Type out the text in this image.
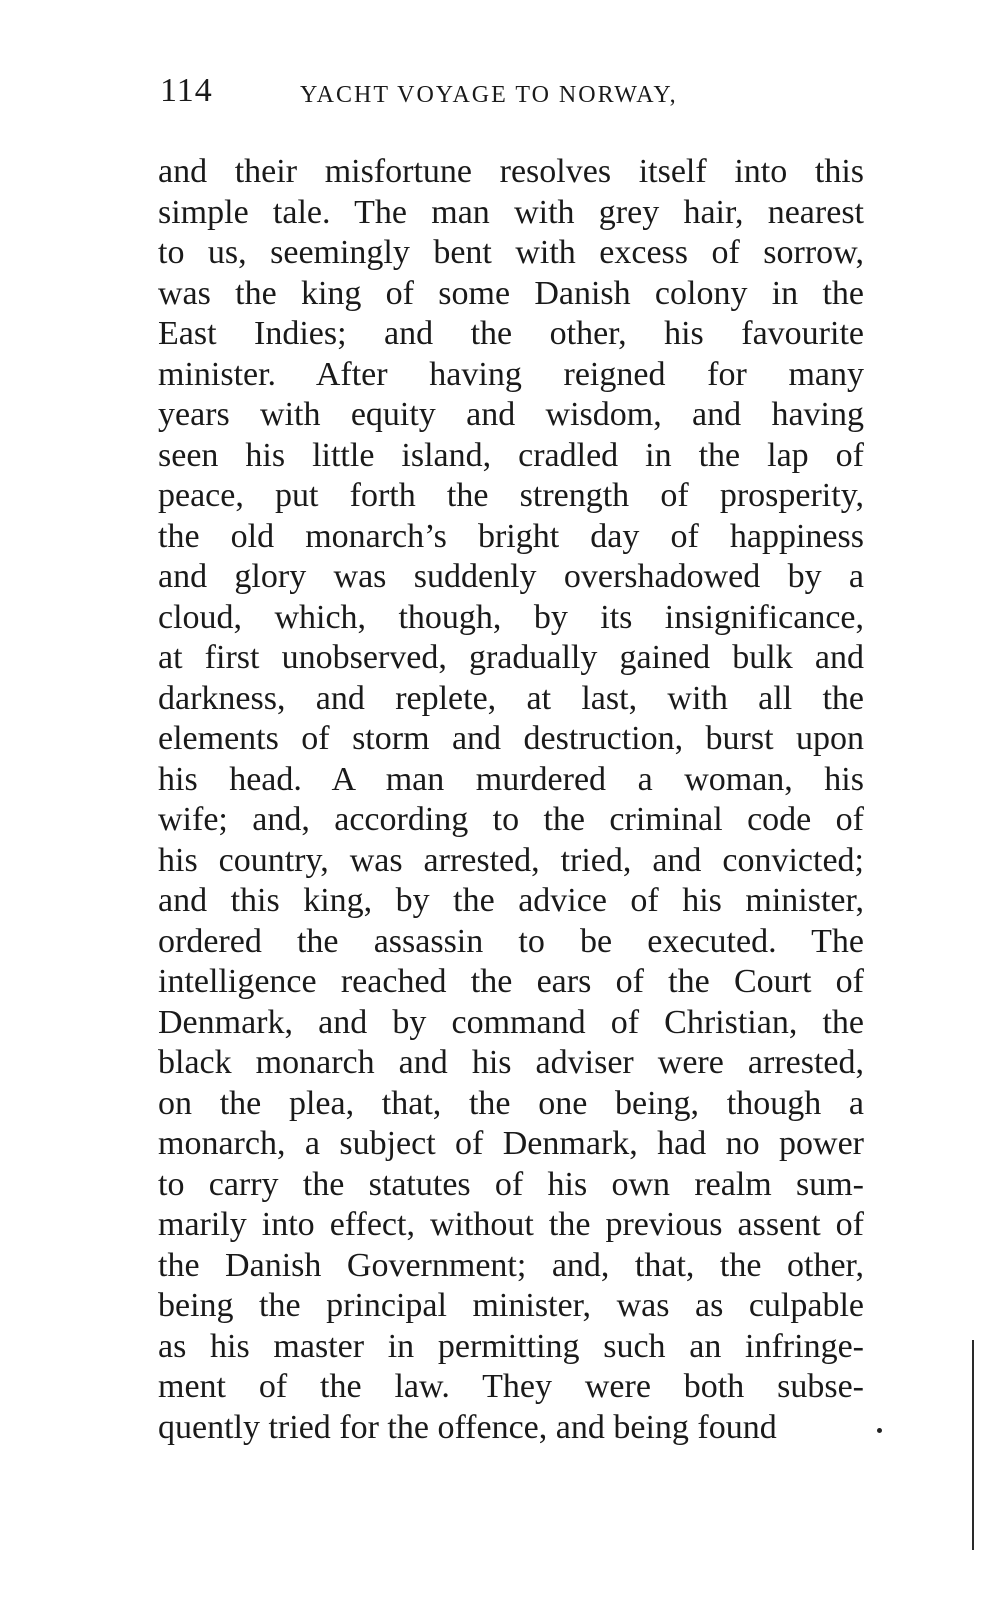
114	YACHT VOYAGE TO NORWAY,
and their misfortune resolves itself into this
simple tale. The man with grey hair, nearest
to us, seemingly bent with excess of sorrow,
was the king of some Danish colony in the
East Indies; and the other, his favourite
minister. After having reigned for many
years with equity and wisdom, and having
seen his little island, cradled in the lap of
peace, put forth the strength of prosperity,
the old monarch’s bright day of happiness
and glory was suddenly overshadowed by a
cloud, which, though, by its insignificance,
at first unobserved, gradually gained bulk and
darkness, and replete, at last, with all the
elements of storm and destruction, burst upon
his head. A man murdered a woman, his
wife; and, according to the criminal code of
his country, was arrested, tried, and convicted;
and this king, by the advice of his minister,
ordered the assassin to be executed. The
intelligence reached the ears of the Court of
Denmark, and by command of Christian, the
black monarch and his adviser were arrested,
on the plea, that, the one being, though a
monarch, a subject of Denmark, had no power
to carry the statutes of his own realm sum-
marily into effect, without the previous assent of
the Danish Government; and, that, the other,
being the principal minister, was as culpable
as his master in permitting such an infringe-
ment of the law. They were both subse-
quently tried for the offence, and being found
